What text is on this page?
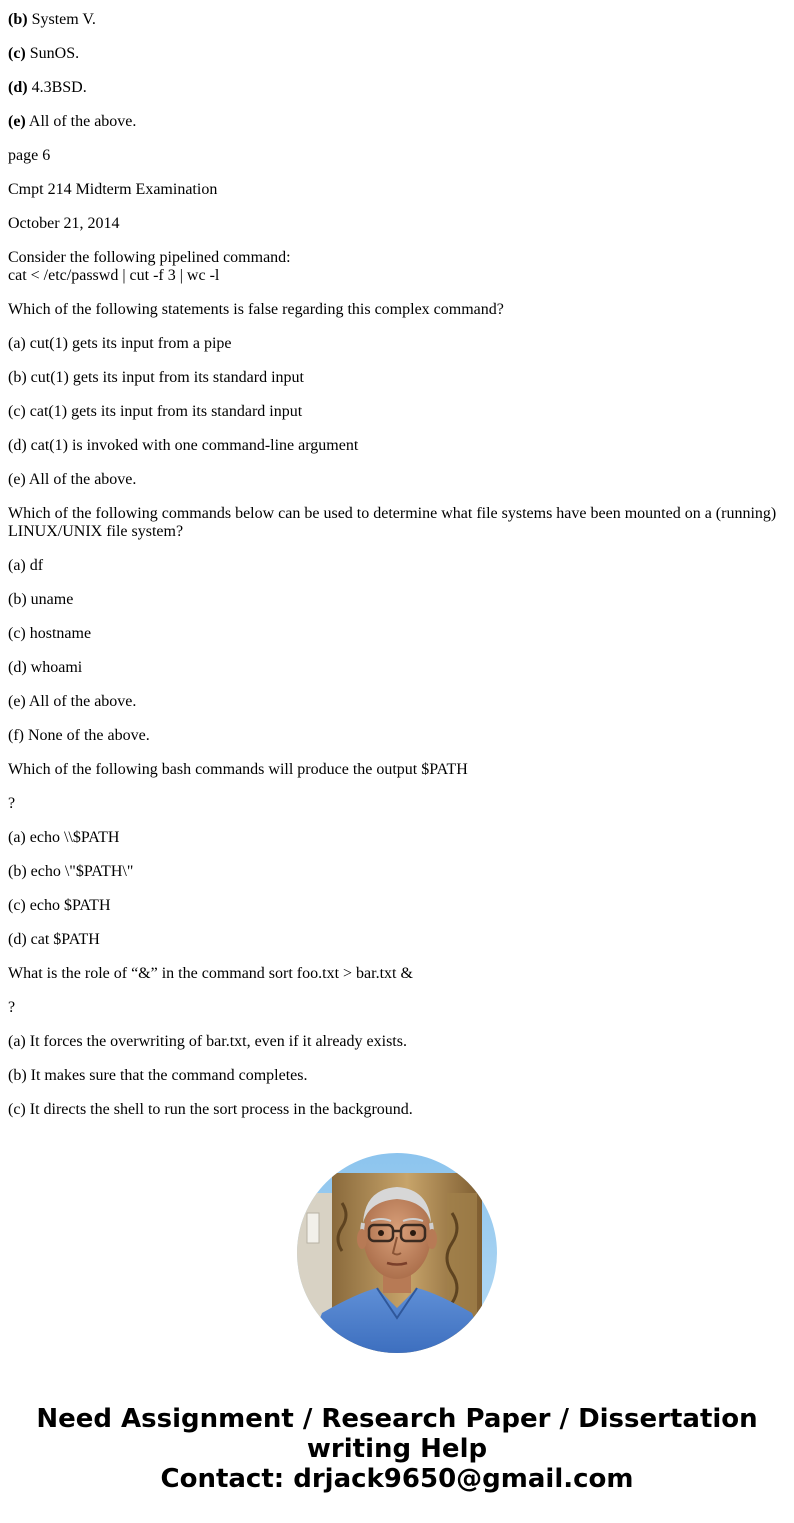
(b) System V.

(c) SunOS.

(d) 4.3BSD.

(e) All of the above.

page 6

Cmpt 214 Midterm Examination

October 21, 2014

Consider the following pipelined command:
cat < /etc/passwd | cut -f 3 | wc -l

Which of the following statements is false regarding this complex command?

(a) cut(1) gets its input from a pipe

(b) cut(1) gets its input from its standard input

(c) cat(1) gets its input from its standard input

(d) cat(1) is invoked with one command-line argument

(e) All of the above.

Which of the following commands below can be used to determine what file systems have been mounted on a (running) LINUX/UNIX file system?

(a) df

(b) uname

(c) hostname

(d) whoami

(e) All of the above.

(f) None of the above.

Which of the following bash commands will produce the output $PATH

?

(a) echo \\$PATH

(b) echo \"$PATH\"

(c) echo $PATH

(d) cat $PATH

What is the role of “&” in the command sort foo.txt > bar.txt &

?

(a) It forces the overwriting of bar.txt, even if it already exists.

(b) It makes sure that the command completes.

(c) It directs the shell to run the sort process in the background.

Need Assignment / Research Paper / Dissertation
writing Help
Contact: drjack9650@gmail.com
